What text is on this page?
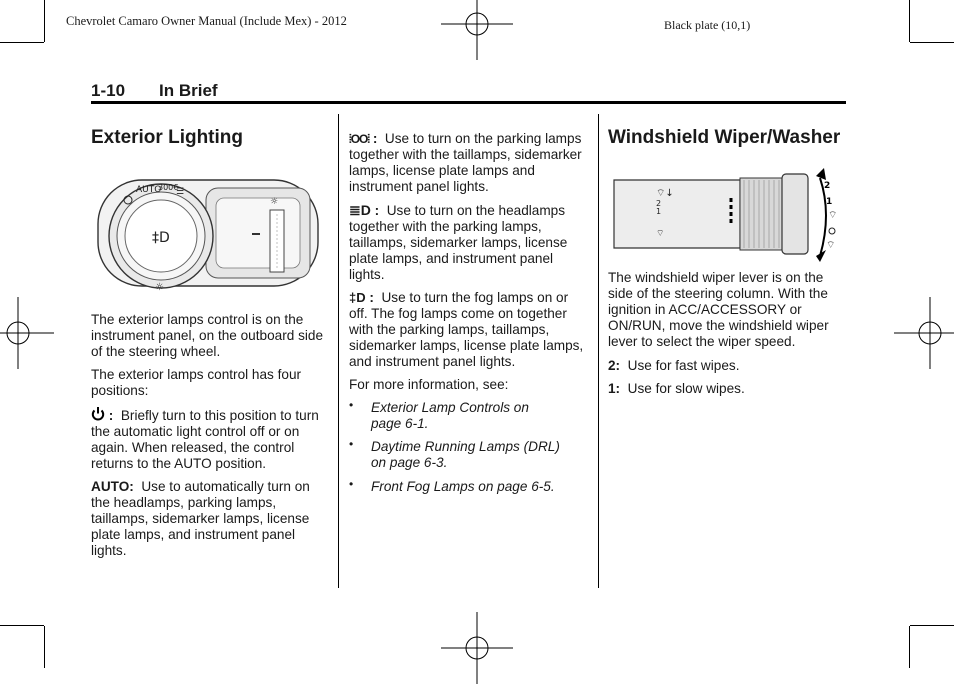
Chevrolet Camaro Owner Manual (Include Mex) - 2012	Black plate (10,1)
1-10 In Brief
Exterior Lighting
☼
AUTO
300€
☰
‡D
☼

The exterior lamps control is on the instrument panel, on the outboard side of the steering wheel.

The exterior lamps control has four positions:

:  Briefly turn to this position to turn the automatic light control off or on again. When released, the control returns to the AUTO position.

AUTO: Use to automatically turn on the headlamps, parking lamps, taillamps, sidemarker lamps, license plate lamps, and instrument panel lights.

⦙OO⦙ :  Use to turn on the parking lamps together with the taillamps, sidemarker lamps, license plate lamps and instrument panel lights.

≣D :  Use to turn on the headlamps together with the parking lamps, taillamps, sidemarker lamps, license plate lamps, and instrument panel lights.

‡D :  Use to turn the fog lamps on or off. The fog lamps come on together with the parking lamps, taillamps, sidemarker lamps, license plate lamps, and instrument panel lights.

For more information, see:

• Exterior Lamp Controls on
page 6-1.
• Daytime Running Lamps (DRL)
on page 6-3.
• Front Fog Lamps on page 6-5.
Windshield Wiper/Washer
⌔↓
2
1
⌔
2
1
⌔
⌔

The windshield wiper lever is on the side of the steering column. With the ignition in ACC/ACCESSORY or ON/RUN, move the windshield wiper lever to select the wiper speed.

2: Use for fast wipes.

1: Use for slow wipes.
